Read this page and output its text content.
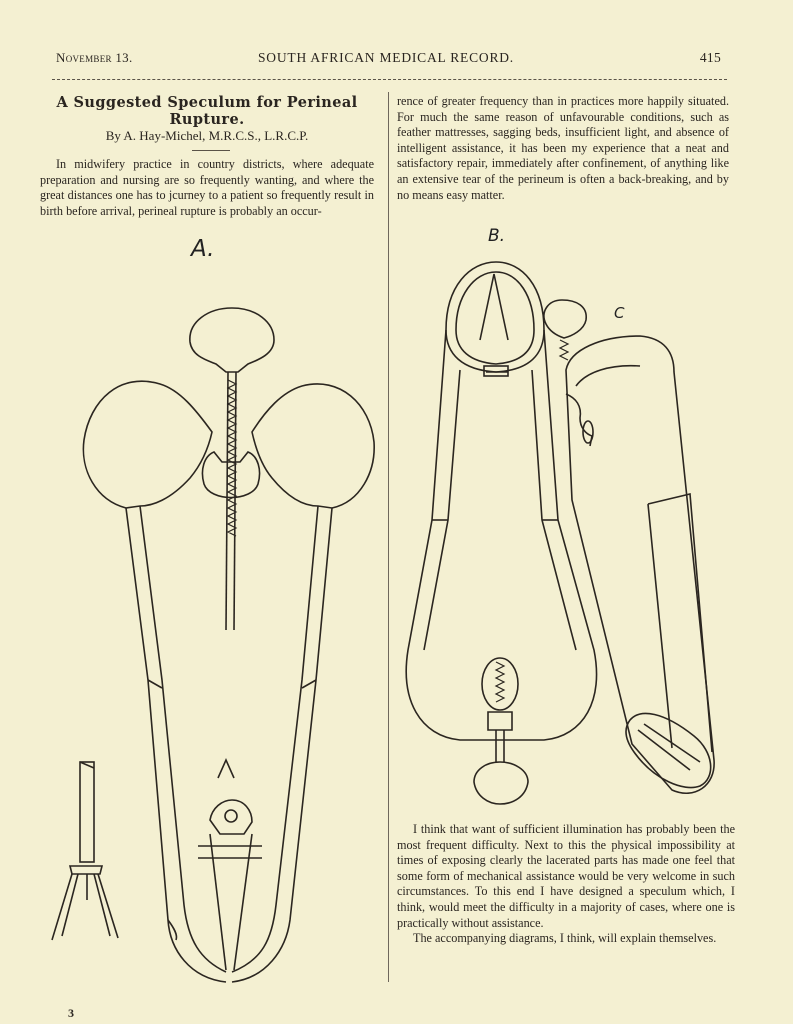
November 13.	SOUTH AFRICAN MEDICAL RECORD.	415
A Suggested Speculum for Perineal Rupture.
By A. Hay-Michel, M.R.C.S., L.R.C.P.

In midwifery practice in country districts, where adequate preparation and nursing are so frequently wanting, and where the great distances one has to jcurney to a patient so frequently result in birth before arrival, perineal rupture is probably an occur-

rence of greater frequency than in practices more happily situated. For much the same reason of unfavourable conditions, such as feather mattresses, sagging beds, insufficient light, and absence of intelligent assistance, it has been my experience that a neat and satisfactory repair, immediately after confinement, of anything like an extensive tear of the perineum is often a back-breaking, and by no means easy matter.

I think that want of sufficient illumination has probably been the most frequent difficulty. Next to this the physical impossibility at times of exposing clearly the lacerated parts has made one feel that some form of mechanical assistance would be very welcome in such circumstances. To this end I have designed a speculum which, I think, would meet the difficulty in a majority of cases, where one is practically without assistance.

The accompanying diagrams, I think, will explain themselves.

A.	B.
C
3
